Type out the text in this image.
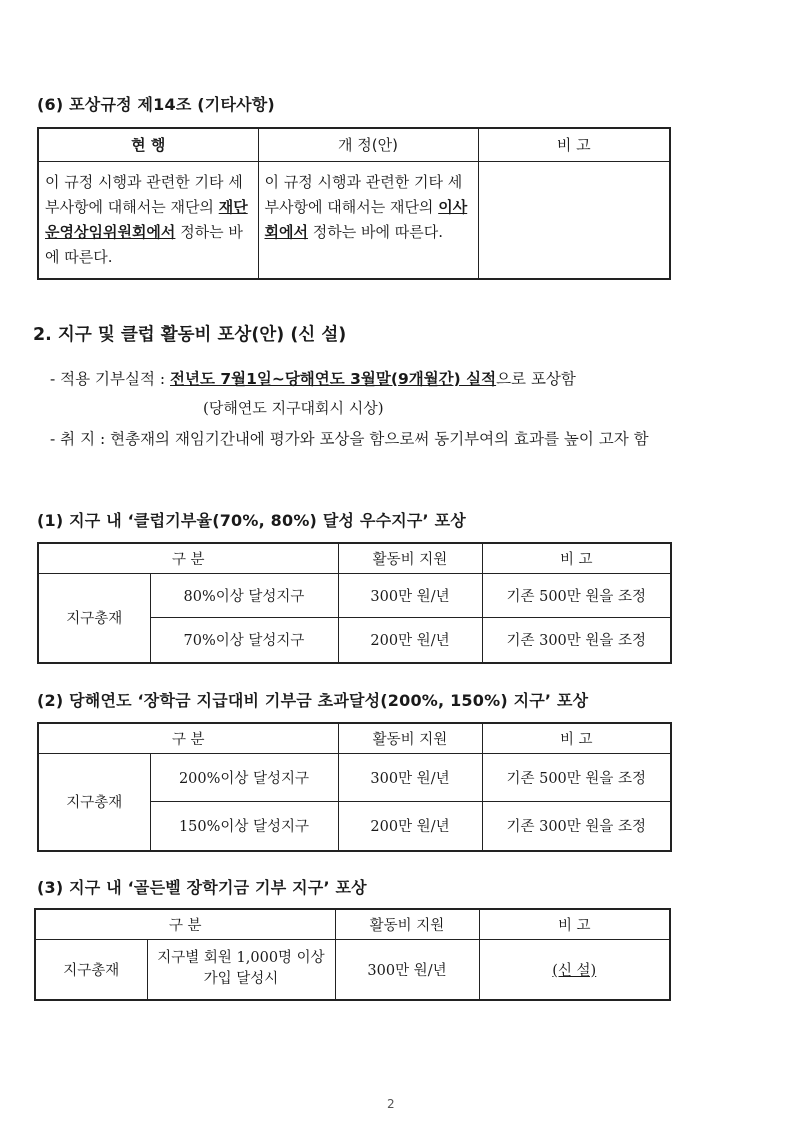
(6) 포상규정 제14조 (기타사항)
현 행	개 정(안)	비 고
이 규정 시행과 관련한 기타 세부사항에 대해서는 재단의 재단운영상임위원회에서 정하는 바에 따른다.	이 규정 시행과 관련한 기타 세부사항에 대해서는 재단의 이사회에서 정하는 바에 따른다.	
2. 지구 및 클럽 활동비 포상(안) (신 설)
- 적용 기부실적 : 전년도 7월1일~당해연도 3월말(9개월간) 실적으로 포상함
(당해연도 지구대회시 시상)
- 취 지 : 현총재의 재임기간내에 평가와 포상을 함으로써 동기부여의 효과를 높이 고자 함
(1) 지구 내 ‘클럽기부율(70%, 80%) 달성 우수지구’ 포상
구 분		활동비 지원	비 고
지구총재	80%이상 달성지구	300만 원/년	기존 500만 원을 조정
	70%이상 달성지구	200만 원/년	기존 300만 원을 조정
(2) 당해연도 ‘장학금 지급대비 기부금 초과달성(200%, 150%) 지구’ 포상
구 분		활동비 지원	비 고
지구총재	200%이상 달성지구	300만 원/년	기존 500만 원을 조정
	150%이상 달성지구	200만 원/년	기존 300만 원을 조정
(3) 지구 내 ‘골든벨 장학기금 기부 지구’ 포상
구 분		활동비 지원	비 고
지구총재	지구별 회원 1,000명 이상 가입 달성시	300만 원/년	(신 설)
2
